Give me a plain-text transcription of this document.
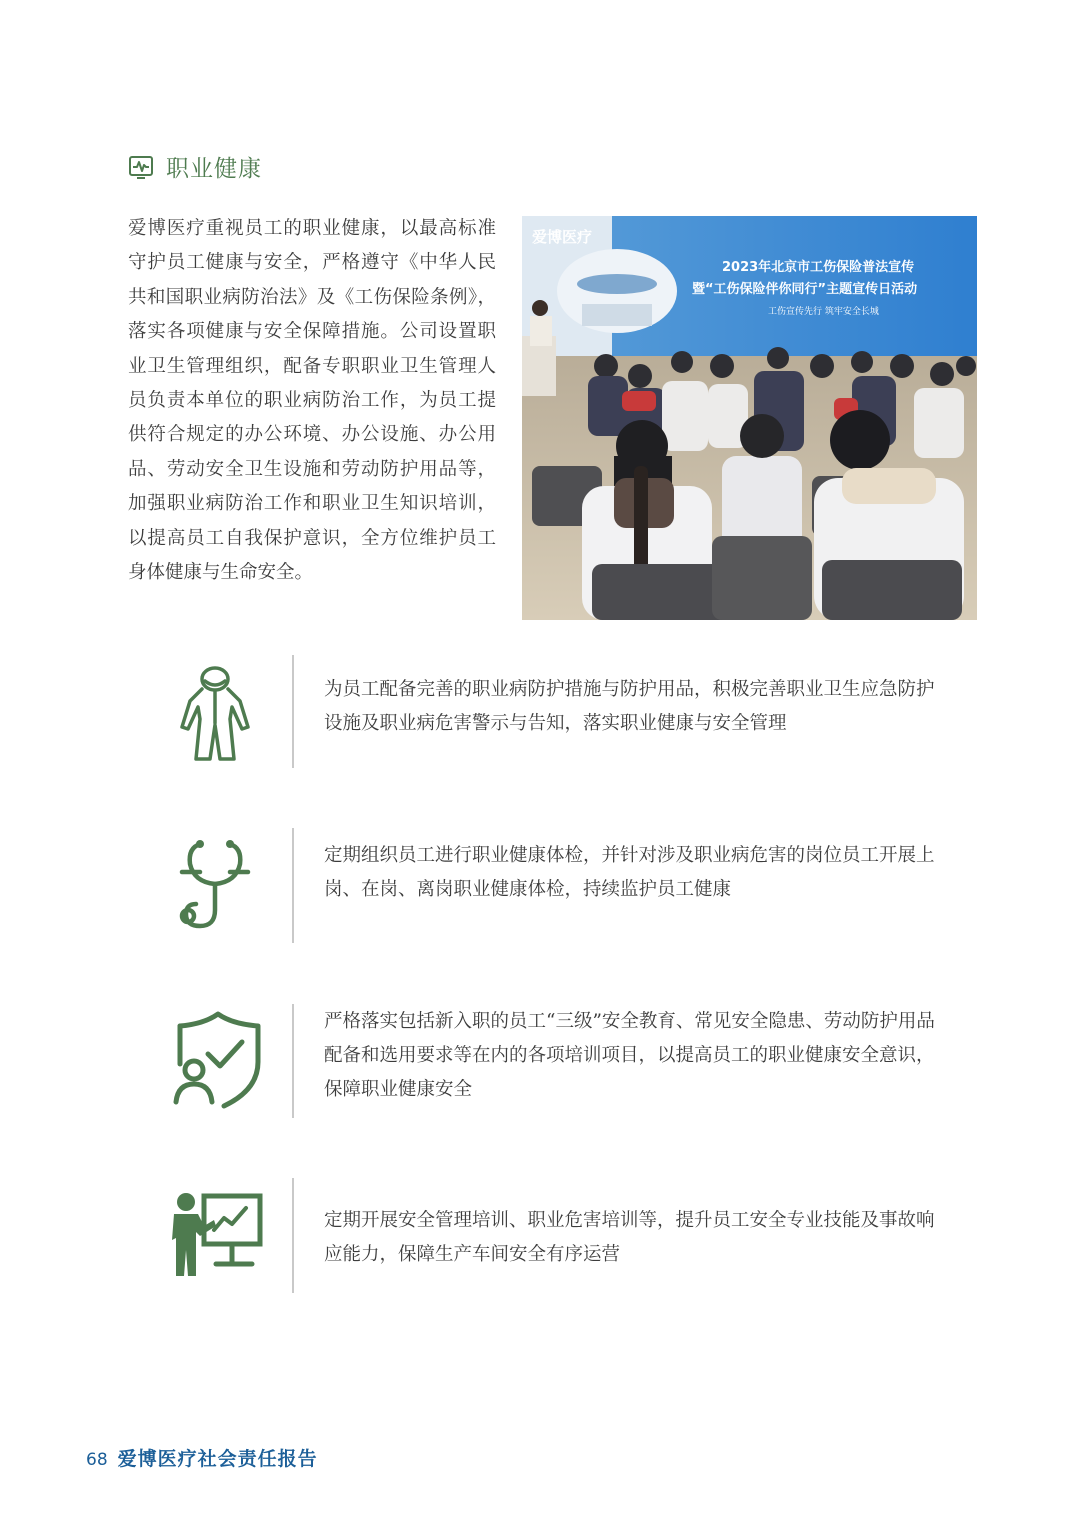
职业健康
爱博医疗重视员工的职业健康，以最高标准守护员工健康与安全，严格遵守《中华人民共和国职业病防治法》及《工伤保险条例》，落实各项健康与安全保障措施。公司设置职业卫生管理组织，配备专职职业卫生管理人员负责本单位的职业病防治工作，为员工提供符合规定的办公环境、办公设施、办公用品、劳动安全卫生设施和劳动防护用品等，加强职业病防治工作和职业卫生知识培训，以提高员工自我保护意识，全方位维护员工身体健康与生命安全。
爱博医疗
2023年北京市工伤保险普法宣传
暨“工伤保险伴你同行”主题宣传日活动
工伤宣传先行 筑牢安全长城
为员工配备完善的职业病防护措施与防护用品，积极完善职业卫生应急防护设施及职业病危害警示与告知，落实职业健康与安全管理
定期组织员工进行职业健康体检，并针对涉及职业病危害的岗位员工开展上岗、在岗、离岗职业健康体检，持续监护员工健康
严格落实包括新入职的员工“三级”安全教育、常见安全隐患、劳动防护用品配备和选用要求等在内的各项培训项目，以提高员工的职业健康安全意识，保障职业健康安全
定期开展安全管理培训、职业危害培训等，提升员工安全专业技能及事故响应能力，保障生产车间安全有序运营
68 爱博医疗社会责任报告
